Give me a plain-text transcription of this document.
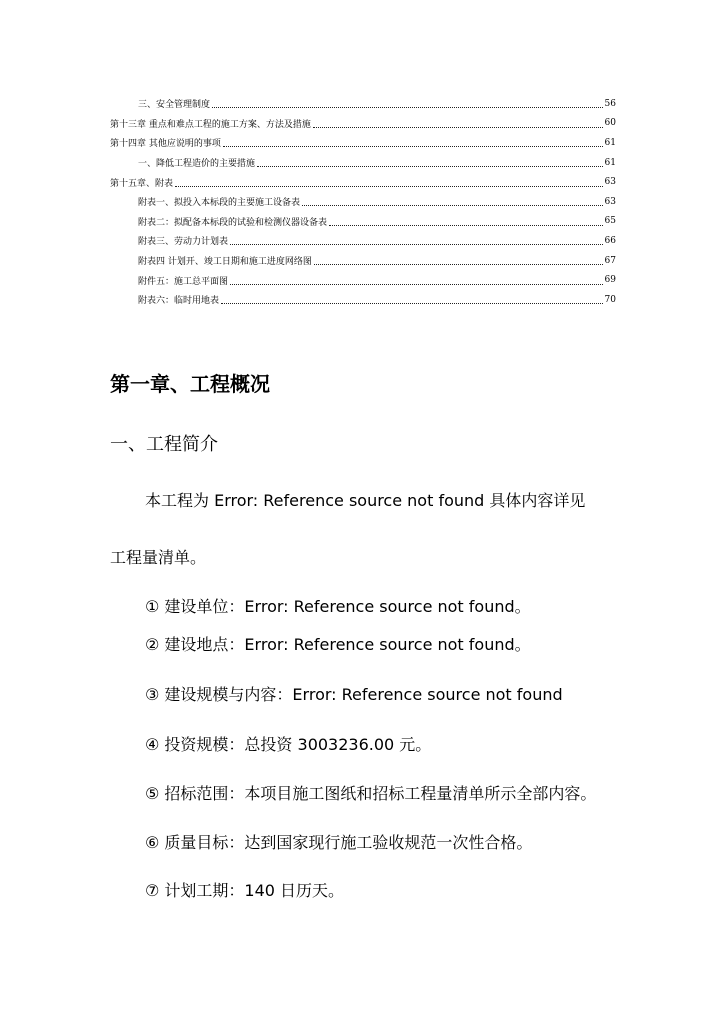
三、安全管理制度	56
第十三章 重点和难点工程的施工方案、方法及措施	60
第十四章 其他应说明的事项	61
一、降低工程造价的主要措施	61
第十五章、附表	63
附表一、拟投入本标段的主要施工设备表	63
附表二：拟配备本标段的试验和检测仪器设备表	65
附表三、劳动力计划表	66
附表四 计划开、竣工日期和施工进度网络图	67
附件五：施工总平面图	69
附表六：临时用地表	70
第一章、工程概况
一、工程简介
本工程为 Error: Reference source not found 具体内容详见
工程量清单。
① 建设单位：Error: Reference source not found。
② 建设地点：Error: Reference source not found。
③ 建设规模与内容：Error: Reference source not found
④ 投资规模：总投资 3003236.00 元。
⑤ 招标范围：本项目施工图纸和招标工程量清单所示全部内容。
⑥ 质量目标：达到国家现行施工验收规范一次性合格。
⑦ 计划工期：140 日历天。
